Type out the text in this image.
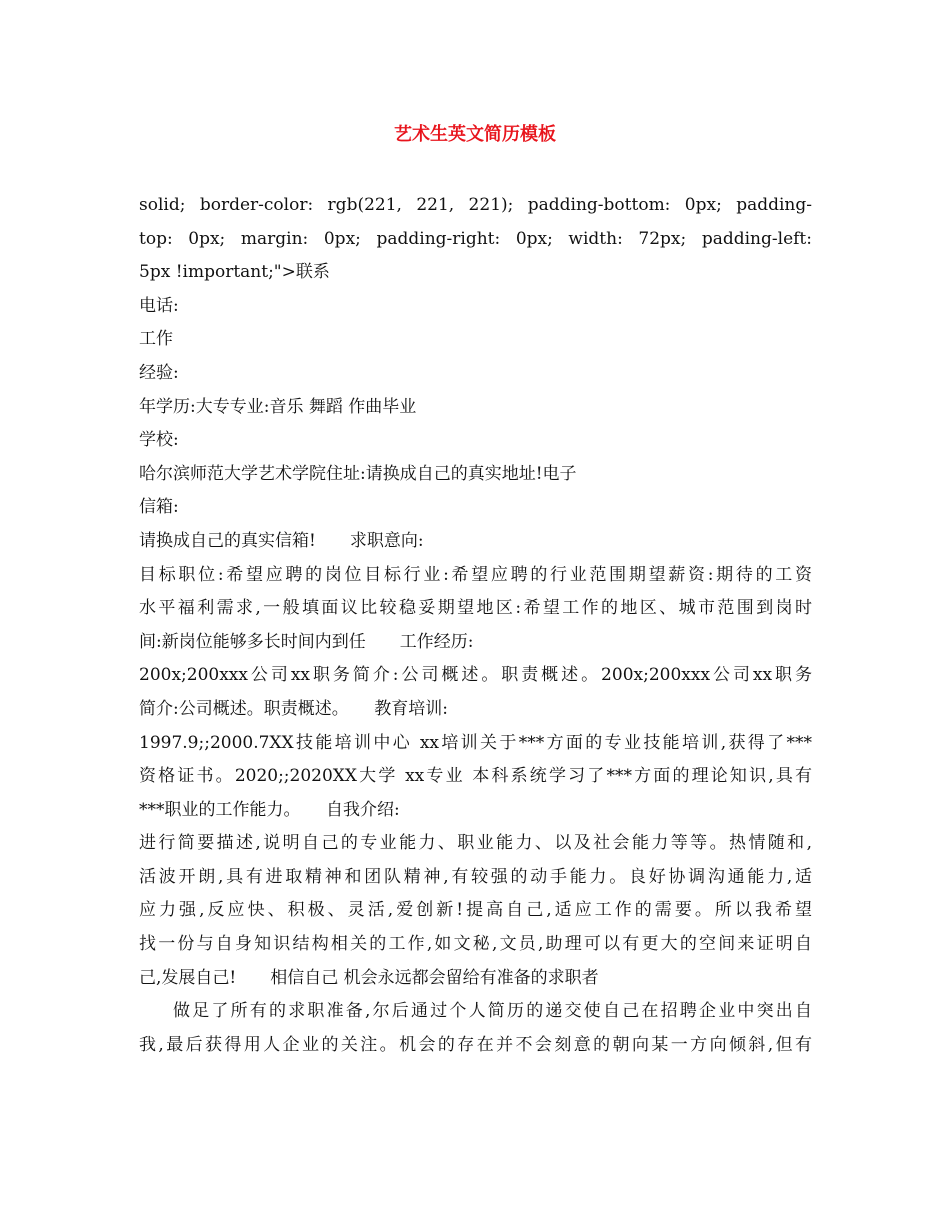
艺术生英文简历模板
solid; border-color: rgb(221, 221, 221); padding-bottom: 0px; padding-
top: 0px; margin: 0px; padding-right: 0px; width: 72px; padding-left:
5px !important;">联系
电话:
工作
经验:
年学历:大专专业:音乐 舞蹈 作曲毕业
学校:
哈尔滨师范大学艺术学院住址:请换成自己的真实地址!电子
信箱:
请换成自己的真实信箱!　　求职意向:
目标职位:希望应聘的岗位目标行业:希望应聘的行业范围期望薪资:期待的工资
水平福利需求,一般填面议比较稳妥期望地区:希望工作的地区、城市范围到岗时
间:新岗位能够多长时间内到任　　工作经历:
200x;200xxx公司xx职务简介:公司概述。职责概述。200x;200xxx公司xx职务
简介:公司概述。职责概述。　　教育培训:
1997.9;;2000.7XX技能培训中心 xx培训关于***方面的专业技能培训,获得了***
资格证书。2020;;2020XX大学 xx专业 本科系统学习了***方面的理论知识,具有
***职业的工作能力。　　自我介绍:
进行简要描述,说明自己的专业能力、职业能力、以及社会能力等等。热情随和,
活波开朗,具有进取精神和团队精神,有较强的动手能力。良好协调沟通能力,适
应力强,反应快、积极、灵活,爱创新!提高自己,适应工作的需要。所以我希望
找一份与自身知识结构相关的工作,如文秘,文员,助理可以有更大的空间来证明自
己,发展自己!　　相信自己 机会永远都会留给有准备的求职者
做足了所有的求职准备,尔后通过个人简历的递交使自己在招聘企业中突出自
我,最后获得用人企业的关注。机会的存在并不会刻意的朝向某一方向倾斜,但有
